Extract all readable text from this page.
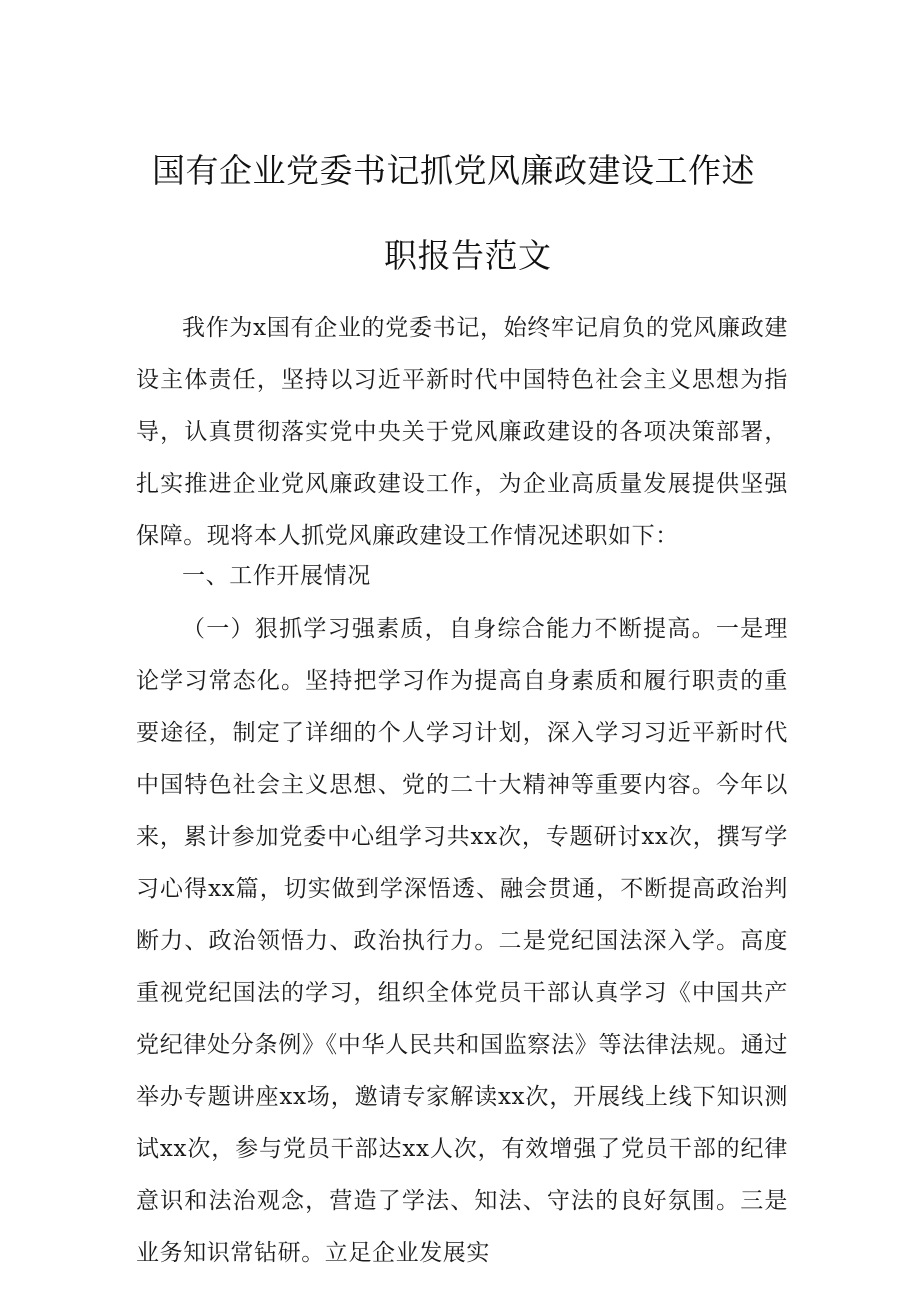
国有企业党委书记抓党风廉政建设工作述
职报告范文

我作为x国有企业的党委书记，始终牢记肩负的党风廉政建设主体责任，坚持以习近平新时代中国特色社会主义思想为指导，认真贯彻落实党中央关于党风廉政建设的各项决策部署，扎实推进企业党风廉政建设工作，为企业高质量发展提供坚强保障。现将本人抓党风廉政建设工作情况述职如下：

一、工作开展情况

（一）狠抓学习强素质，自身综合能力不断提高。一是理论学习常态化。坚持把学习作为提高自身素质和履行职责的重要途径，制定了详细的个人学习计划，深入学习习近平新时代中国特色社会主义思想、党的二十大精神等重要内容。今年以来，累计参加党委中心组学习共xx次，专题研讨xx次，撰写学习心得xx篇，切实做到学深悟透、融会贯通，不断提高政治判断力、政治领悟力、政治执行力。二是党纪国法深入学。高度重视党纪国法的学习，组织全体党员干部认真学习《中国共产党纪律处分条例》《中华人民共和国监察法》等法律法规。通过举办专题讲座xx场，邀请专家解读xx次，开展线上线下知识测试xx次，参与党员干部达xx人次，有效增强了党员干部的纪律意识和法治观念，营造了学法、知法、守法的良好氛围。三是业务知识常钻研。立足企业发展实
